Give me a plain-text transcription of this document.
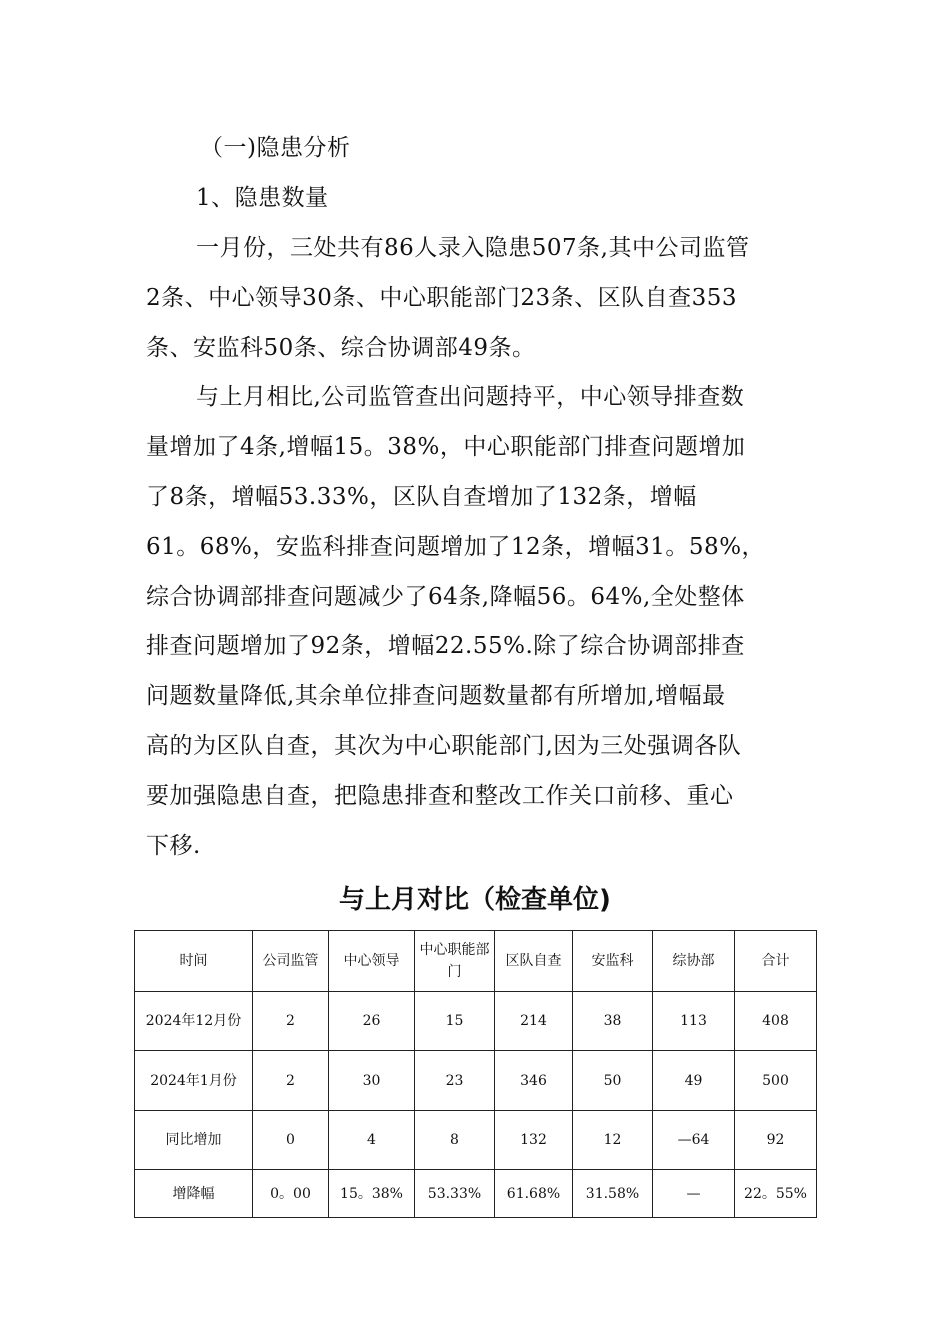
（一)隐患分析
1、隐患数量
一月份，三处共有86人录入隐患507条,其中公司监管
2条、中心领导30条、中心职能部门23条、区队自查353
条、安监科50条、综合协调部49条。
与上月相比,公司监管查出问题持平，中心领导排查数
量增加了4条,增幅15。38%，中心职能部门排查问题增加
了8条，增幅53.33%，区队自查增加了132条，增幅
61。68%，安监科排查问题增加了12条，增幅31。58%，
综合协调部排查问题减少了64条,降幅56。64%,全处整体
排查问题增加了92条，增幅22.55%.除了综合协调部排查
问题数量降低,其余单位排查问题数量都有所增加,增幅最
高的为区队自查，其次为中心职能部门,因为三处强调各队
要加强隐患自查，把隐患排查和整改工作关口前移、重心
下移.
与上月对比（检查单位)
时间	公司监管	中心领导	中心职能部门	区队自查	安监科	综协部	合计
2024年12月份	2	26	15	214	38	113	408
2024年1月份	2	30	23	346	50	49	500
同比增加	0	4	8	132	12	—64	92
增降幅	0。00	15。38%	53.33%	61.68%	31.58%	—	22。55%
